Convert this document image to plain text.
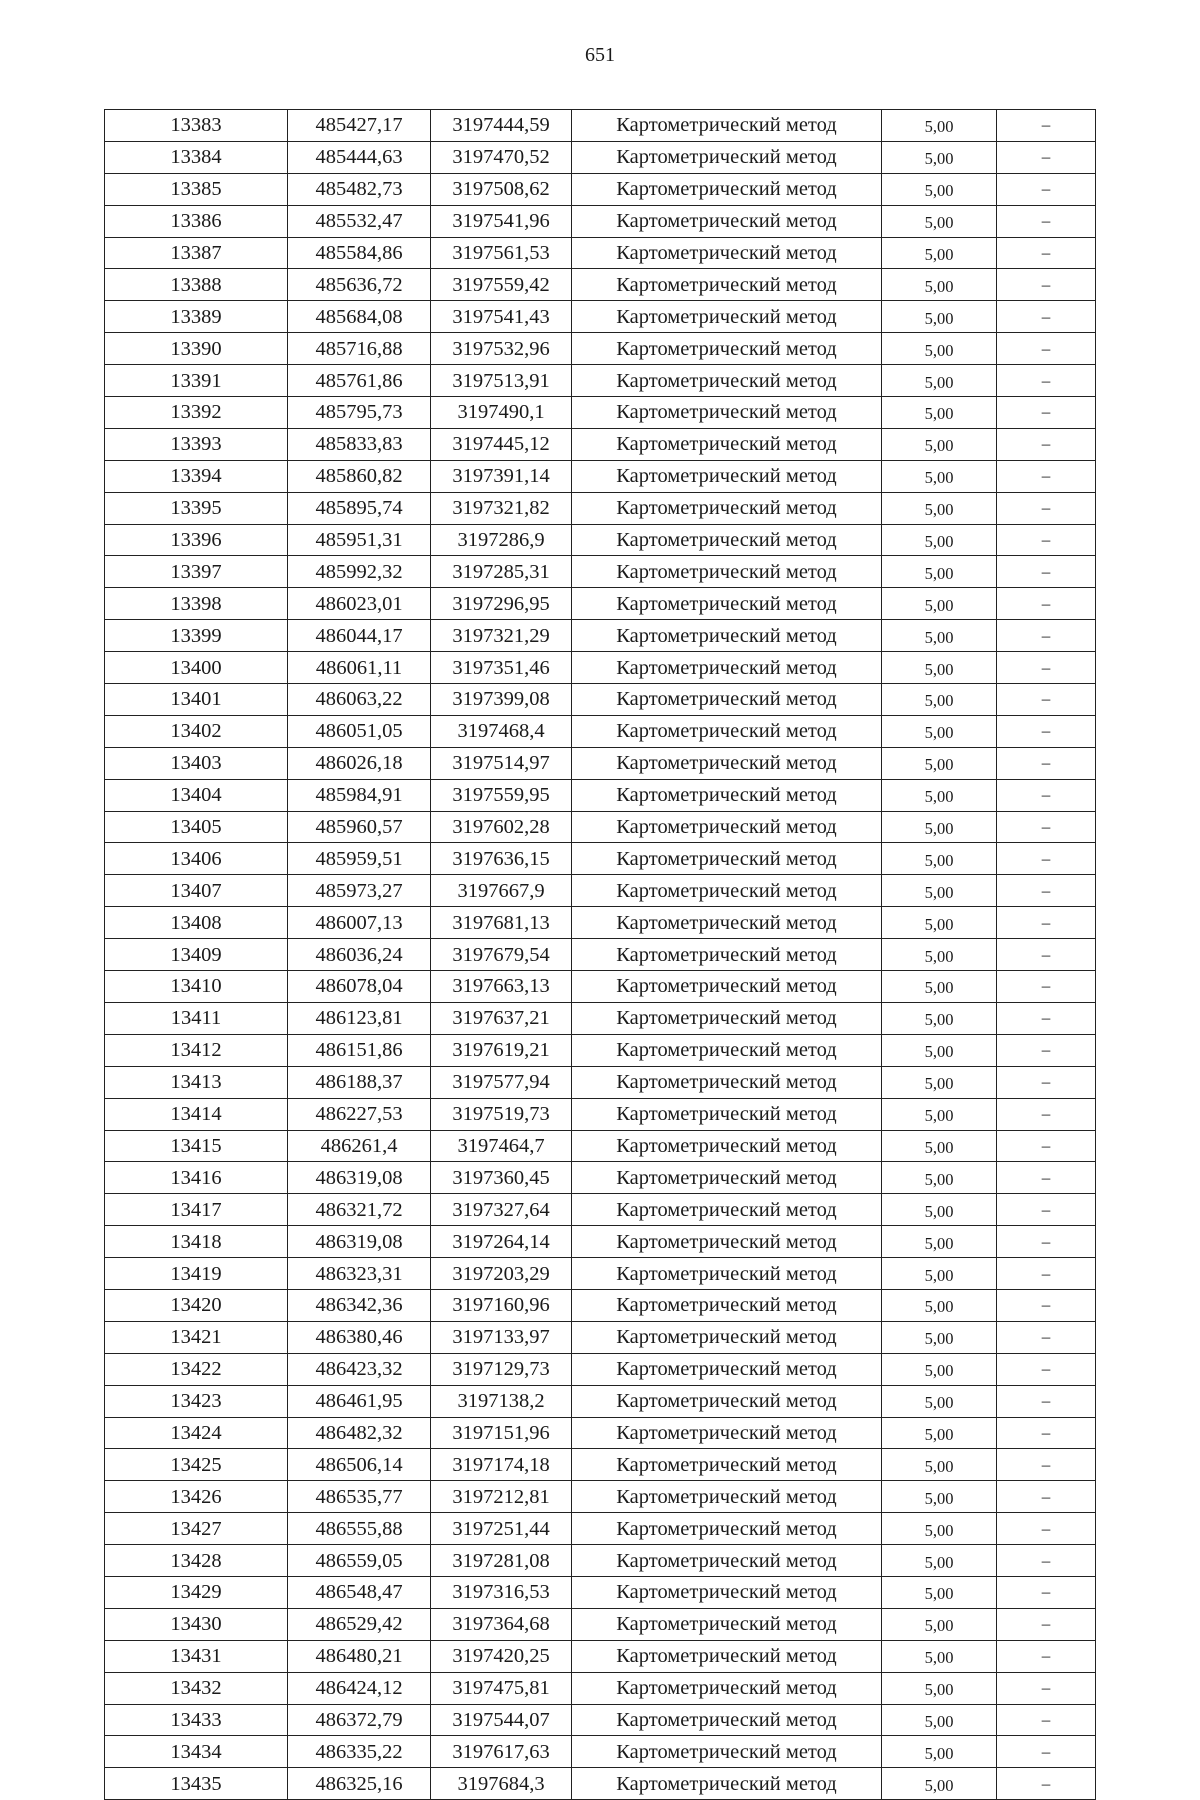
651
13383	485427,17	3197444,59	Картометрический метод	5,00	–
13384	485444,63	3197470,52	Картометрический метод	5,00	–
13385	485482,73	3197508,62	Картометрический метод	5,00	–
13386	485532,47	3197541,96	Картометрический метод	5,00	–
13387	485584,86	3197561,53	Картометрический метод	5,00	–
13388	485636,72	3197559,42	Картометрический метод	5,00	–
13389	485684,08	3197541,43	Картометрический метод	5,00	–
13390	485716,88	3197532,96	Картометрический метод	5,00	–
13391	485761,86	3197513,91	Картометрический метод	5,00	–
13392	485795,73	3197490,1	Картометрический метод	5,00	–
13393	485833,83	3197445,12	Картометрический метод	5,00	–
13394	485860,82	3197391,14	Картометрический метод	5,00	–
13395	485895,74	3197321,82	Картометрический метод	5,00	–
13396	485951,31	3197286,9	Картометрический метод	5,00	–
13397	485992,32	3197285,31	Картометрический метод	5,00	–
13398	486023,01	3197296,95	Картометрический метод	5,00	–
13399	486044,17	3197321,29	Картометрический метод	5,00	–
13400	486061,11	3197351,46	Картометрический метод	5,00	–
13401	486063,22	3197399,08	Картометрический метод	5,00	–
13402	486051,05	3197468,4	Картометрический метод	5,00	–
13403	486026,18	3197514,97	Картометрический метод	5,00	–
13404	485984,91	3197559,95	Картометрический метод	5,00	–
13405	485960,57	3197602,28	Картометрический метод	5,00	–
13406	485959,51	3197636,15	Картометрический метод	5,00	–
13407	485973,27	3197667,9	Картометрический метод	5,00	–
13408	486007,13	3197681,13	Картометрический метод	5,00	–
13409	486036,24	3197679,54	Картометрический метод	5,00	–
13410	486078,04	3197663,13	Картометрический метод	5,00	–
13411	486123,81	3197637,21	Картометрический метод	5,00	–
13412	486151,86	3197619,21	Картометрический метод	5,00	–
13413	486188,37	3197577,94	Картометрический метод	5,00	–
13414	486227,53	3197519,73	Картометрический метод	5,00	–
13415	486261,4	3197464,7	Картометрический метод	5,00	–
13416	486319,08	3197360,45	Картометрический метод	5,00	–
13417	486321,72	3197327,64	Картометрический метод	5,00	–
13418	486319,08	3197264,14	Картометрический метод	5,00	–
13419	486323,31	3197203,29	Картометрический метод	5,00	–
13420	486342,36	3197160,96	Картометрический метод	5,00	–
13421	486380,46	3197133,97	Картометрический метод	5,00	–
13422	486423,32	3197129,73	Картометрический метод	5,00	–
13423	486461,95	3197138,2	Картометрический метод	5,00	–
13424	486482,32	3197151,96	Картометрический метод	5,00	–
13425	486506,14	3197174,18	Картометрический метод	5,00	–
13426	486535,77	3197212,81	Картометрический метод	5,00	–
13427	486555,88	3197251,44	Картометрический метод	5,00	–
13428	486559,05	3197281,08	Картометрический метод	5,00	–
13429	486548,47	3197316,53	Картометрический метод	5,00	–
13430	486529,42	3197364,68	Картометрический метод	5,00	–
13431	486480,21	3197420,25	Картометрический метод	5,00	–
13432	486424,12	3197475,81	Картометрический метод	5,00	–
13433	486372,79	3197544,07	Картометрический метод	5,00	–
13434	486335,22	3197617,63	Картометрический метод	5,00	–
13435	486325,16	3197684,3	Картометрический метод	5,00	–
